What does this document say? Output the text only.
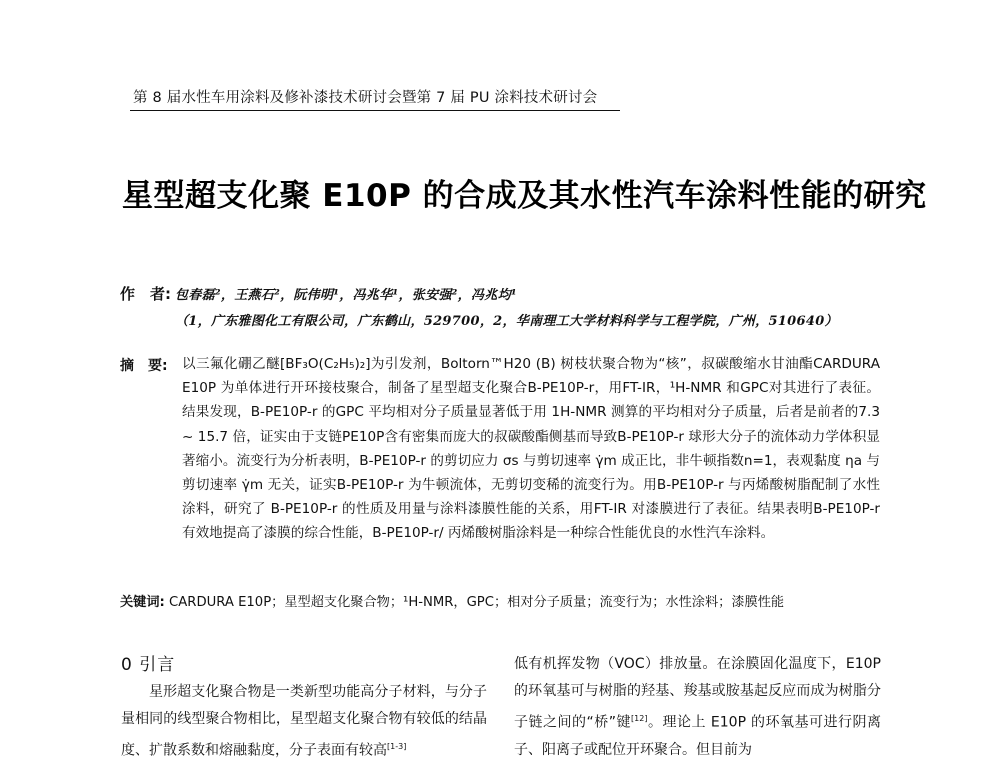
第 8 届水性车用涂料及修补漆技术研讨会暨第 7 届 PU 涂料技术研讨会
星型超支化聚 E10P 的合成及其水性汽车涂料性能的研究
作　者: 包春磊²，王燕石²，阮伟明¹，冯兆华¹，张安强²，冯兆均¹
（1，广东雅图化工有限公司，广东鹤山，529700，2，华南理工大学材料科学与工程学院，广州，510640）
摘　要: 以三氟化硼乙醚[BF₃O(C₂H₅)₂]为引发剂，Boltorn™H20 (B) 树枝状聚合物为“核”，叔碳酸缩水甘油酯CARDURA E10P 为单体进行开环接枝聚合，制备了星型超支化聚合B-PE10P-r，用FT-IR，¹H-NMR 和GPC对其进行了表征。结果发现，B-PE10P-r 的GPC 平均相对分子质量显著低于用 1H-NMR 测算的平均相对分子质量，后者是前者的7.3 ~ 15.7 倍，证实由于支链PE10P含有密集而庞大的叔碳酸酯侧基而导致B-PE10P-r 球形大分子的流体动力学体积显著缩小。流变行为分析表明，B-PE10P-r 的剪切应力 σs 与剪切速率 γ̇m 成正比，非牛顿指数n=1，表观黏度 ηa 与剪切速率 γ̇m 无关，证实B-PE10P-r 为牛顿流体，无剪切变稀的流变行为。用B-PE10P-r 与丙烯酸树脂配制了水性涂料，研究了 B-PE10P-r 的性质及用量与涂料漆膜性能的关系，用FT-IR 对漆膜进行了表征。结果表明B-PE10P-r 有效地提高了漆膜的综合性能，B-PE10P-r/ 丙烯酸树脂涂料是一种综合性能优良的水性汽车涂料。

关键词: CARDURA E10P；星型超支化聚合物；¹H-NMR，GPC；相对分子质量；流变行为；水性涂料；漆膜性能
0 引言

星形超支化聚合物是一类新型功能高分子材料，与分子量相同的线型聚合物相比，星型超支化聚合物有较低的结晶度、扩散系数和熔融黏度，分子表面有较高[1-3]

低有机挥发物（VOC）排放量。在涂膜固化温度下，E10P 的环氧基可与树脂的羟基、羧基或胺基起反应而成为树脂分子链之间的“桥”键[12]。理论上 E10P 的环氧基可进行阴离子、阳离子或配位开环聚合。但目前为
